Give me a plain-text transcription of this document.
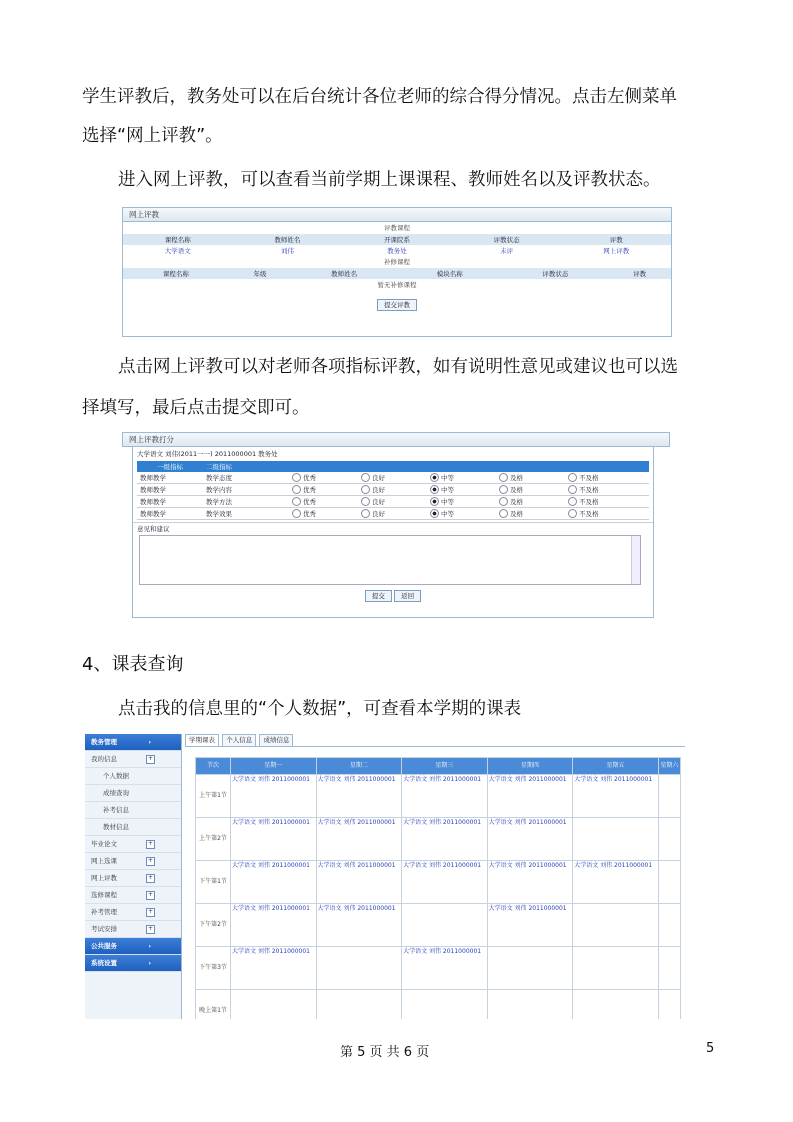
学生评教后，教务处可以在后台统计各位老师的综合得分情况。点击左侧菜单
选择“网上评教”。
进入网上评教，可以查看当前学期上课课程、教师姓名以及评教状态。
网上评教
评教课程
课程名称	教师姓名	开课院系	评教状态	评教
大学语文	刘伟	教务处	未评	网上评教
补修课程
课程名称	年级	教师姓名	模块名称	评教状态	评教
暂无补修课程
提交评教
点击网上评教可以对老师各项指标评教，如有说明性意见或建议也可以选
择填写，最后点击提交即可。
网上评教打分
大学语文 刘伟(2011一一) 2011000001 教务处
一级指标	二级指标	
教师教学	教学态度	优秀	良好	中等	及格	不及格
教师教学	教学内容	优秀	良好	中等	及格	不及格
教师教学	教学方法	优秀	良好	中等	及格	不及格
教师教学	教学效果	优秀	良好	中等	及格	不及格
意见和建议
提交 返回
4、课表查询
点击我的信息里的“个人数据”，可查看本学期的课表
教务管理	›
我的信息	+
个人数据
成绩查询
补考信息
教材信息
毕业论文	+
网上选课	+
网上评教	+
选修课程	+
补考管理	+
考试安排	+
公共服务	›
系统设置	›
学期课表 个人信息 成绩信息
节次	星期一	星期二	星期三	星期四	星期五	星期六
上午第1节	大学语文 刘伟 2011000001	大学语文 刘伟 2011000001	大学语文 刘伟 2011000001	大学语文 刘伟 2011000001	大学语文 刘伟 2011000001	
上午第2节	大学语文 刘伟 2011000001	大学语文 刘伟 2011000001	大学语文 刘伟 2011000001	大学语文 刘伟 2011000001		
下午第1节	大学语文 刘伟 2011000001	大学语文 刘伟 2011000001	大学语文 刘伟 2011000001	大学语文 刘伟 2011000001	大学语文 刘伟 2011000001	
下午第2节	大学语文 刘伟 2011000001	大学语文 刘伟 2011000001		大学语文 刘伟 2011000001		
下午第3节	大学语文 刘伟 2011000001		大学语文 刘伟 2011000001			
晚上第1节						
第 5 页 共 6 页	5
